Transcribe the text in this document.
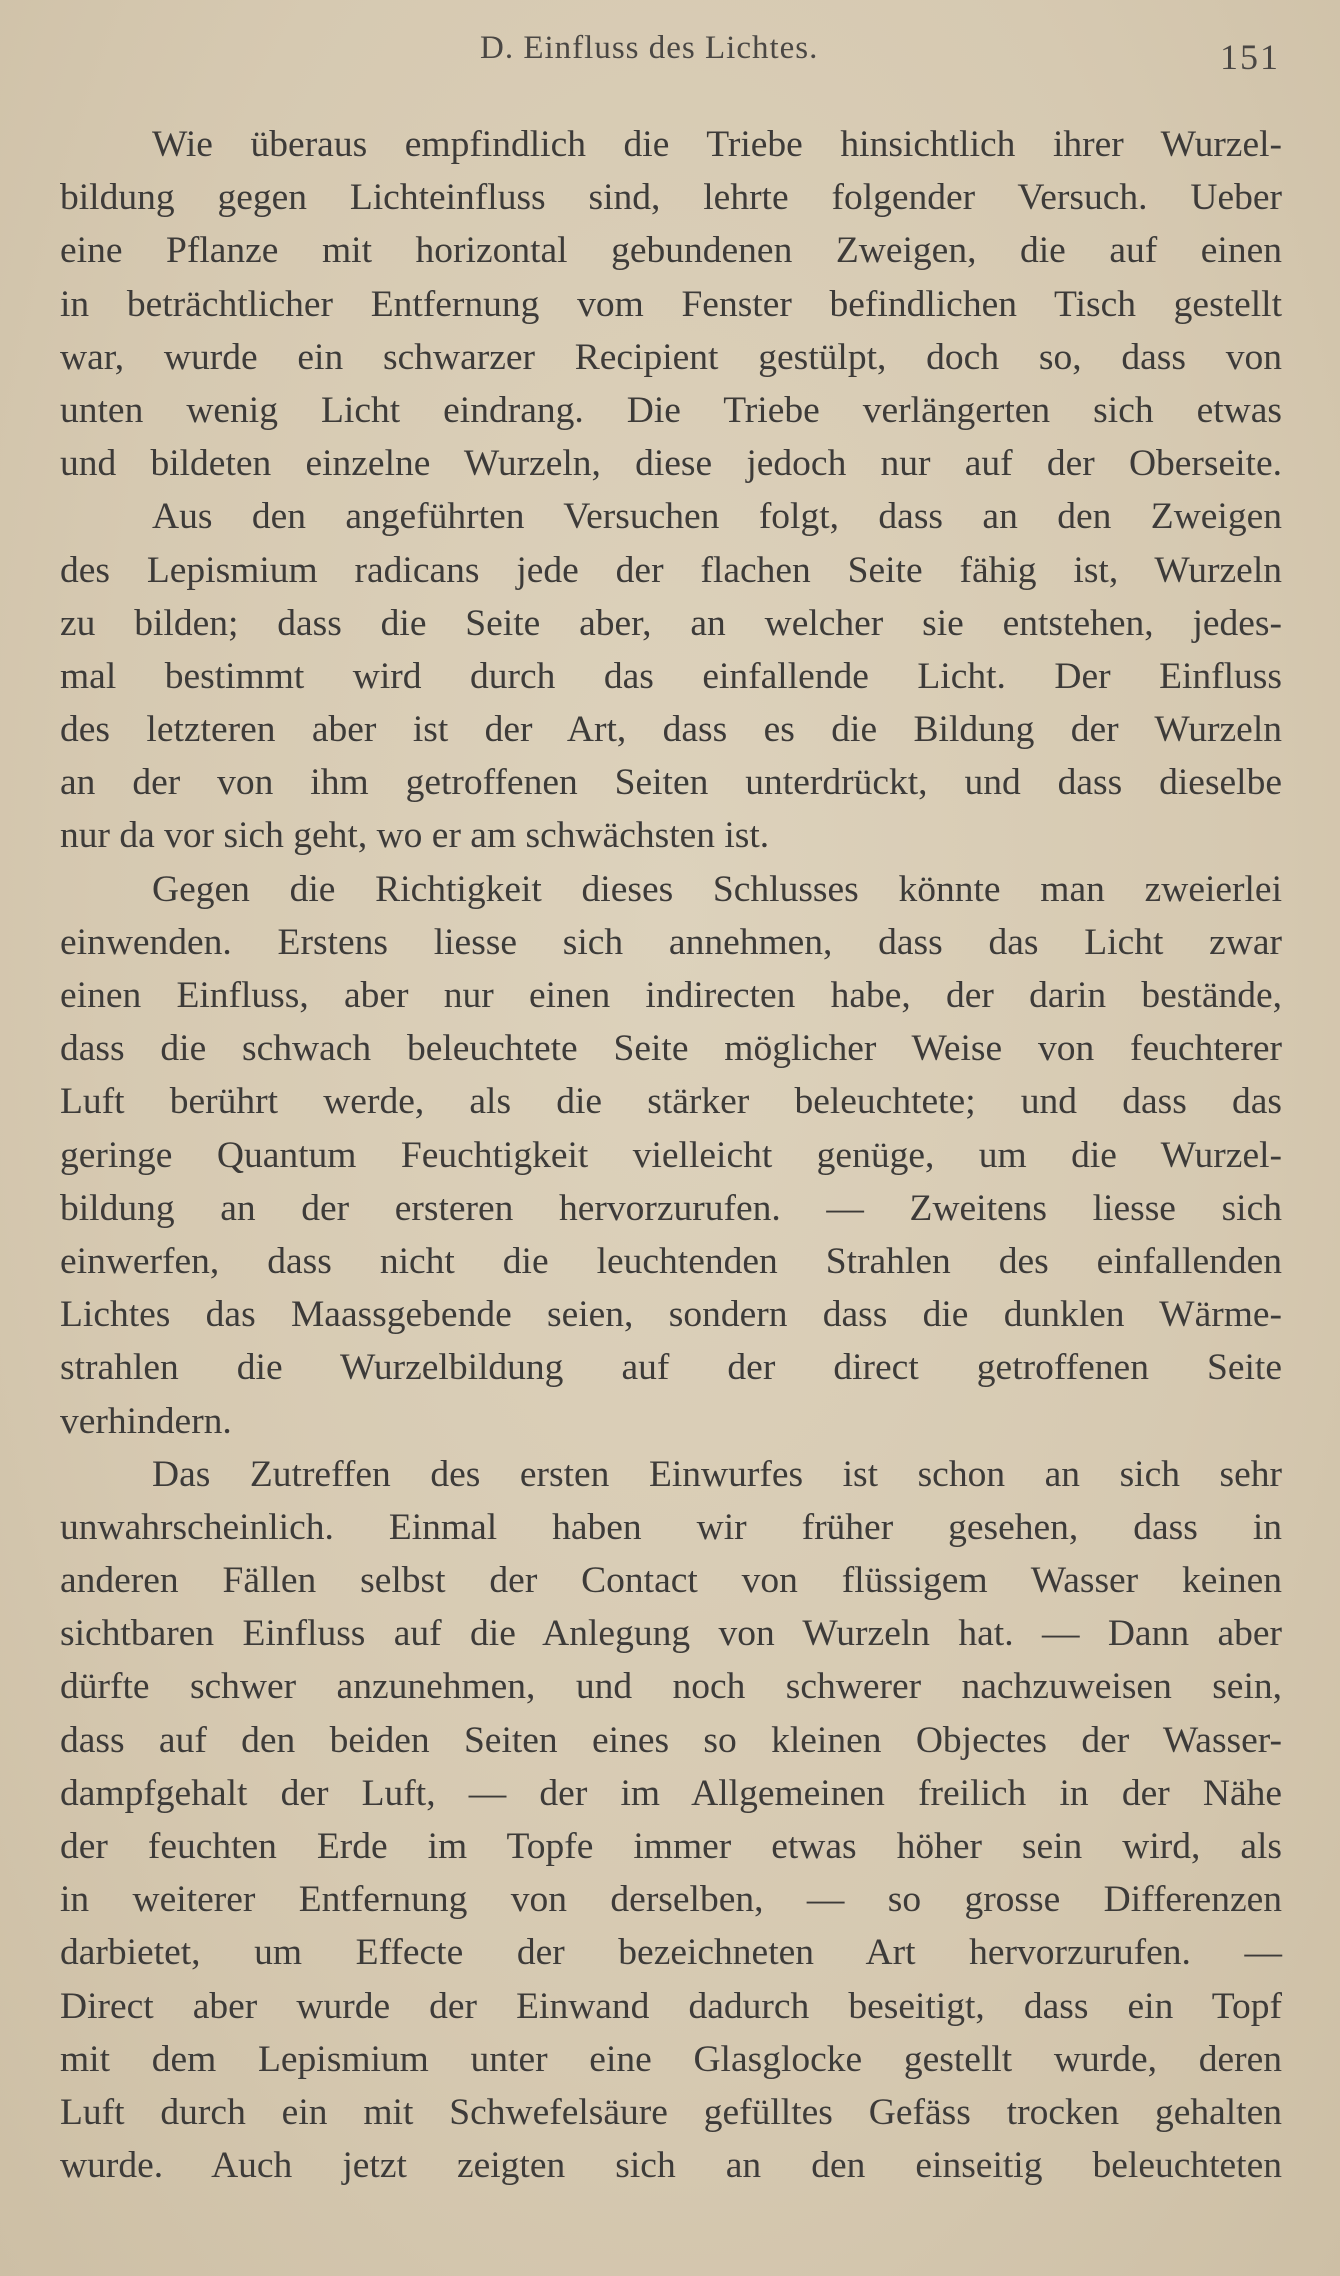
D. Einfluss des Lichtes.	151
Wie überaus empfindlich die Triebe hinsichtlich ihrer Wurzel-
bildung gegen Lichteinfluss sind, lehrte folgender Versuch. Ueber
eine Pflanze mit horizontal gebundenen Zweigen, die auf einen
in beträchtlicher Entfernung vom Fenster befindlichen Tisch gestellt
war, wurde ein schwarzer Recipient gestülpt, doch so, dass von
unten wenig Licht eindrang. Die Triebe verlängerten sich etwas
und bildeten einzelne Wurzeln, diese jedoch nur auf der Oberseite.
Aus den angeführten Versuchen folgt, dass an den Zweigen
des Lepismium radicans jede der flachen Seite fähig ist, Wurzeln
zu bilden; dass die Seite aber, an welcher sie entstehen, jedes-
mal bestimmt wird durch das einfallende Licht. Der Einfluss
des letzteren aber ist der Art, dass es die Bildung der Wurzeln
an der von ihm getroffenen Seiten unterdrückt, und dass dieselbe
nur da vor sich geht, wo er am schwächsten ist.
Gegen die Richtigkeit dieses Schlusses könnte man zweierlei
einwenden. Erstens liesse sich annehmen, dass das Licht zwar
einen Einfluss, aber nur einen indirecten habe, der darin bestände,
dass die schwach beleuchtete Seite möglicher Weise von feuchterer
Luft berührt werde, als die stärker beleuchtete; und dass das
geringe Quantum Feuchtigkeit vielleicht genüge, um die Wurzel-
bildung an der ersteren hervorzurufen. — Zweitens liesse sich
einwerfen, dass nicht die leuchtenden Strahlen des einfallenden
Lichtes das Maassgebende seien, sondern dass die dunklen Wärme-
strahlen die Wurzelbildung auf der direct getroffenen Seite
verhindern.
Das Zutreffen des ersten Einwurfes ist schon an sich sehr
unwahrscheinlich. Einmal haben wir früher gesehen, dass in
anderen Fällen selbst der Contact von flüssigem Wasser keinen
sichtbaren Einfluss auf die Anlegung von Wurzeln hat. — Dann aber
dürfte schwer anzunehmen, und noch schwerer nachzuweisen sein,
dass auf den beiden Seiten eines so kleinen Objectes der Wasser-
dampfgehalt der Luft, — der im Allgemeinen freilich in der Nähe
der feuchten Erde im Topfe immer etwas höher sein wird, als
in weiterer Entfernung von derselben, — so grosse Differenzen
darbietet, um Effecte der bezeichneten Art hervorzurufen. —
Direct aber wurde der Einwand dadurch beseitigt, dass ein Topf
mit dem Lepismium unter eine Glasglocke gestellt wurde, deren
Luft durch ein mit Schwefelsäure gefülltes Gefäss trocken gehalten
wurde. Auch jetzt zeigten sich an den einseitig beleuchteten
